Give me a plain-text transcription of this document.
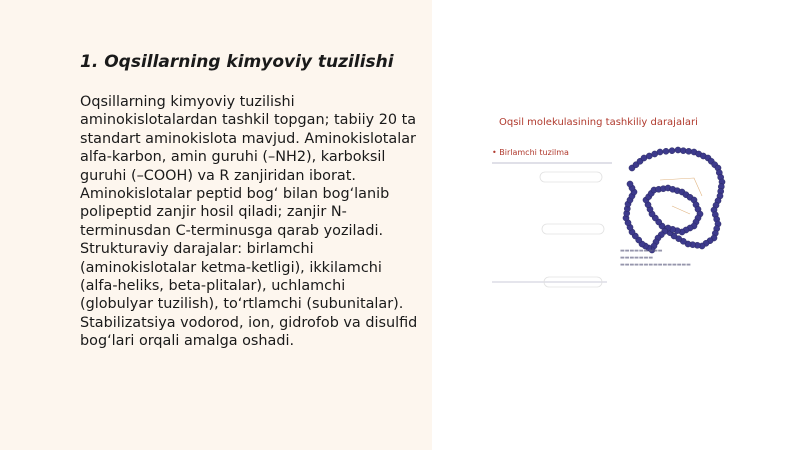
1. Oqsillarning kimyoviy tuzilishi

Oqsillarning kimyoviy tuzilishi aminokislotalardan tashkil topgan; tabiiy 20 ta standart aminokislota mavjud. Aminokislotalar alfa-karbon, amin guruhi (–NH2), karboksil guruhi (–COOH) va R zanjiridan iborat. Aminokislotalar peptid bog‘ bilan bog‘lanib polipeptid zanjir hosil qiladi; zanjir N-terminusdan C-terminusga qarab yoziladi. Strukturaviy darajalar: birlamchi (aminokislotalar ketma-ketligi), ikkilamchi (alfa-heliks, beta-plitalar), uchlamchi (globulyar tuzilish), to‘rtlamchi (subunitalar). Stabilizatsiya vodorod, ion, gidrofob va disulfid bog‘lari orqali amalga oshadi.

Oqsil molekulasining tashkiliy darajalari
• Birlamchi tuzilma
▬▬▬▬▬▬▬▬▬
▬▬▬▬▬▬▬
▬▬▬▬▬▬▬▬▬▬▬▬▬▬▬
